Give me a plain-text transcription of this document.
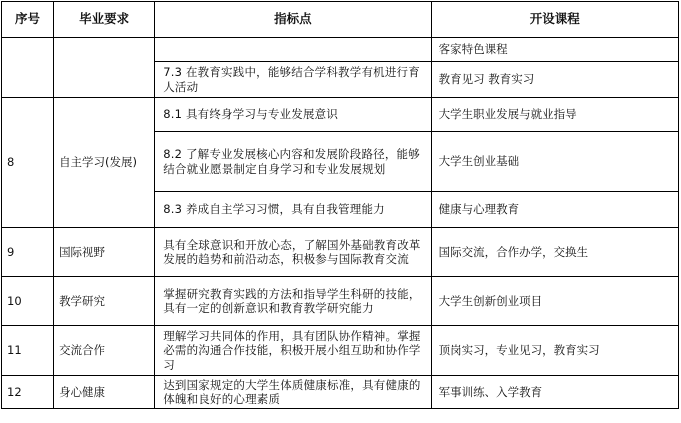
序号	毕业要求	指标点	开设课程
			客家特色课程
		7.3 在教育实践中，能够结合学科教学有机进行育人活动	教育见习 教育实习
8	自主学习(发展)	8.1 具有终身学习与专业发展意识	大学生职业发展与就业指导
		8.2 了解专业发展核心内容和发展阶段路径，能够结合就业愿景制定自身学习和专业发展规划	大学生创业基础
		8.3 养成自主学习习惯，具有自我管理能力	健康与心理教育
9	国际视野	具有全球意识和开放心态，了解国外基础教育改革发展的趋势和前沿动态，积极参与国际教育交流	国际交流，合作办学，交换生
10	教学研究	掌握研究教育实践的方法和指导学生科研的技能，具有一定的创新意识和教育教学研究能力	大学生创新创业项目
11	交流合作	理解学习共同体的作用，具有团队协作精神。掌握必需的沟通合作技能，积极开展小组互助和协作学习	顶岗实习，专业见习，教育实习
12	身心健康	达到国家规定的大学生体质健康标准，具有健康的体魄和良好的心理素质	军事训练、入学教育
